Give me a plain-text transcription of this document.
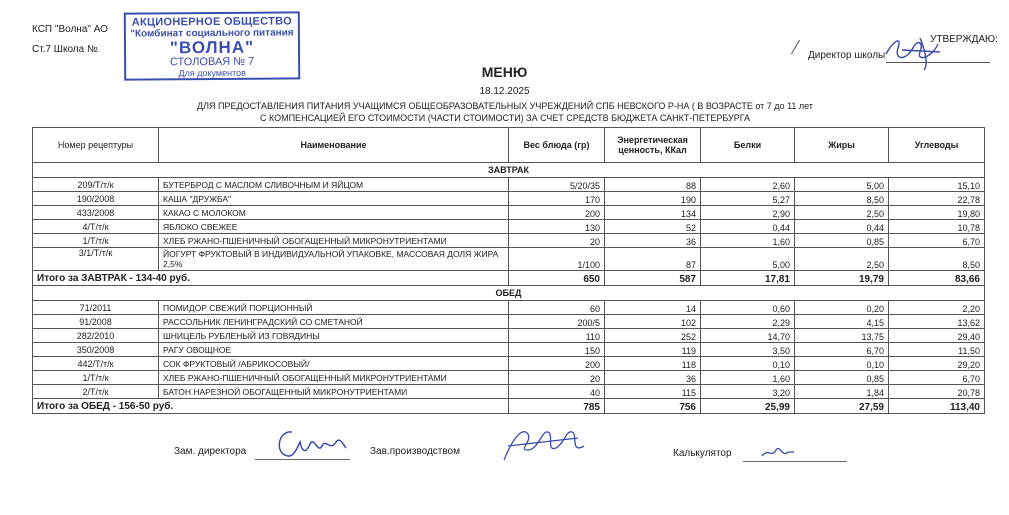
КСП "Волна" АО
Ст.7 Школа №
АКЦИОНЕРНОЕ ОБЩЕСТВО
"Комбинат социального питания
"ВОЛНА"
СТОЛОВАЯ № 7
Для документов
УТВЕРЖДАЮ:
Директор школы
МЕНЮ
18.12.2025
ДЛЯ ПРЕДОСТАВЛЕНИЯ ПИТАНИЯ УЧАЩИМСЯ ОБЩЕОБРАЗОВАТЕЛЬНЫХ УЧРЕЖДЕНИЙ СПБ НЕВСКОГО Р-НА ( В ВОЗРАСТЕ от 7 до 11 лет
С КОМПЕНСАЦИЕЙ ЕГО СТОИМОСТИ (ЧАСТИ СТОИМОСТИ) ЗА СЧЕТ СРЕДСТВ БЮДЖЕТА САНКТ-ПЕТЕРБУРГА
Номер рецептуры	Наименование	Вес блюда (гр)	Энергетическая ценность, ККал	Белки	Жиры	Углеводы
ЗАВТРАК						
209/Т/т/к	БУТЕРБРОД С МАСЛОМ СЛИВОЧНЫМ И ЯЙЦОМ	5/20/35	88	2,60	5,00	15,10
190/2008	КАША "ДРУЖБА"	170	190	5,27	8,50	22,78
433/2008	КАКАО С МОЛОКОМ	200	134	2,90	2,50	19,80
4/Т/т/к	ЯБЛОКО СВЕЖЕЕ	130	52	0,44	0,44	10,78
1/Т/т/к	ХЛЕБ РЖАНО-ПШЕНИЧНЫЙ ОБОГАЩЕННЫЙ МИКРОНУТРИЕНТАМИ	20	36	1,60	0,85	6,70
3/1/Т/т/к	ЙОГУРТ ФРУКТОВЫЙ В ИНДИВИДУАЛЬНОЙ УПАКОВКЕ, МАССОВАЯ ДОЛЯ ЖИРА 2,5%	1/100	87	5,00	2,50	8,50
Итого за ЗАВТРАК - 134-40 руб.		650	587	17,81	19,79	83,66
ОБЕД						
71/2011	ПОМИДОР СВЕЖИЙ ПОРЦИОННЫЙ	60	14	0,60	0,20	2,20
91/2008	РАССОЛЬНИК ЛЕНИНГРАДСКИЙ СО СМЕТАНОЙ	200/5	102	2,29	4,15	13,62
282/2010	ШНИЦЕЛЬ РУБЛЕНЫЙ ИЗ ГОВЯДИНЫ	110	252	14,70	13,75	29,40
350/2008	РАГУ ОВОЩНОЕ	150	119	3,50	6,70	11,50
442/Т/т/к	СОК ФРУКТОВЫЙ /АБРИКОСОВЫЙ/	200	118	0,10	0,10	29,20
1/Т/т/к	ХЛЕБ РЖАНО-ПШЕНИЧНЫЙ ОБОГАЩЕННЫЙ МИКРОНУТРИЕНТАМИ	20	36	1,60	0,85	6,70
2/Т/т/к	БАТОН НАРЕЗНОЙ ОБОГАЩЕННЫЙ МИКРОНУТРИЕНТАМИ	40	115	3,20	1,84	20,78
Итого за ОБЕД - 156-50 руб.		785	756	25,99	27,59	113,40
Зам. директора	Зав.производством	Калькулятор
